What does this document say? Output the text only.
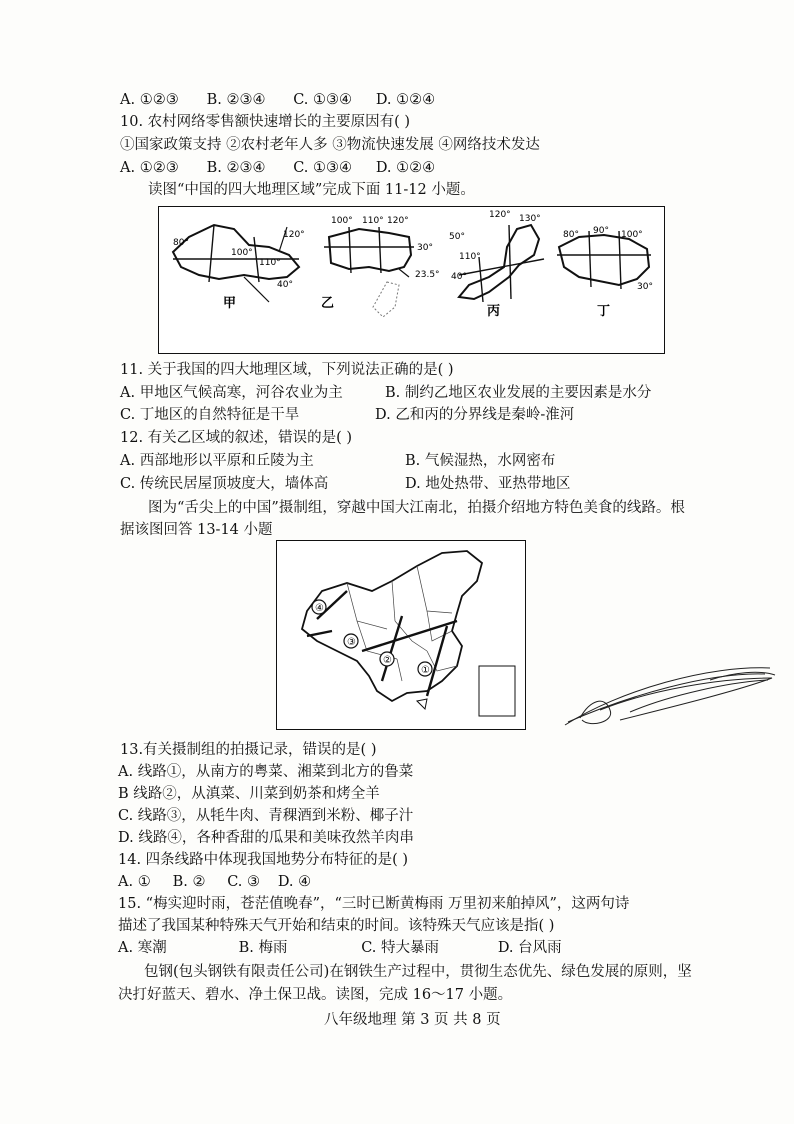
A. ①②③ B. ②③④ C. ①③④ D. ①②④
10. 农村网络零售额快速增长的主要原因有( )
①国家政策支持 ②农村老年人多 ③物流快速发展 ④网络技术发达
A. ①②③ B. ②③④ C. ①③④ D. ①②④
读图“中国的四大地理区域”完成下面 11-12 小题。
80°
100°
110°
120°
40°
100° 110° 120°
30°
23.5°
120° 130°
50°
110°
40°
80° 90° 100°
30°
甲	乙
丙	丁
11. 关于我国的四大地理区域，下列说法正确的是( )
A. 甲地区气候高寒，河谷农业为主	B. 制约乙地区农业发展的主要因素是水分
C. 丁地区的自然特征是干旱	D. 乙和丙的分界线是秦岭-淮河
12. 有关乙区域的叙述，错误的是( )
A. 西部地形以平原和丘陵为主	B. 气候湿热，水网密布
C. 传统民居屋顶坡度大，墙体高	D. 地处热带、亚热带地区
图为“舌尖上的中国”摄制组，穿越中国大江南北，拍摄介绍地方特色美食的线路。根
据该图回答 13-14 小题
①
②
③
④
13.有关摄制组的拍摄记录，错误的是( )
A. 线路①，从南方的粤菜、湘菜到北方的鲁菜
B 线路②，从滇菜、川菜到奶茶和烤全羊
C. 线路③，从牦牛肉、青稞酒到米粉、椰子汁
D. 线路④，各种香甜的瓜果和美味孜然羊肉串
14. 四条线路中体现我国地势分布特征的是( )
A. ① B. ② C. ③ D. ④
15. “梅实迎时雨，苍茫值晚春”，“三时已断黄梅雨 万里初来舶掉风”，这两句诗
描述了我国某种特殊天气开始和结束的时间。该特殊天气应该是指( )
A. 寒潮	B. 梅雨	C. 特大暴雨	D. 台风雨
包钢(包头钢铁有限责任公司)在钢铁生产过程中，贯彻生态优先、绿色发展的原则，坚
决打好蓝天、碧水、净土保卫战。读图，完成 16～17 小题。
八年级地理 第 3 页 共 8 页
